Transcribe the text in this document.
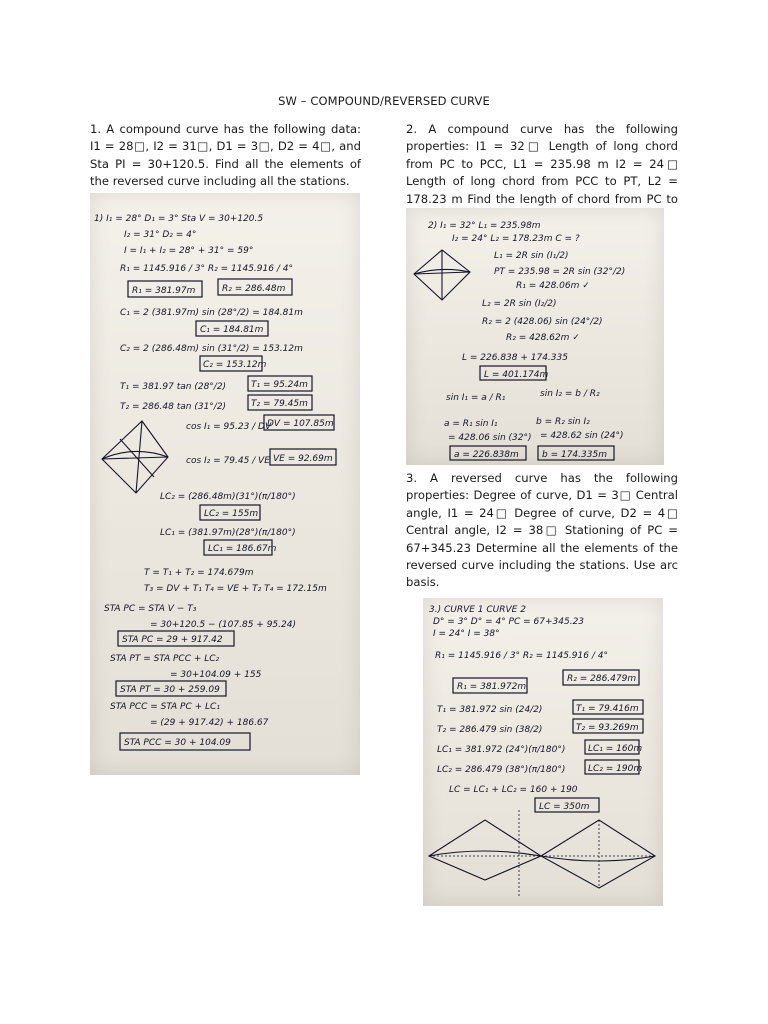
SW – COMPOUND/REVERSED CURVE

1. A compound curve has the following data: I1 = 28□, I2 = 31□, D1 = 3□, D2 = 4□, and Sta PI = 30+120.5. Find all the elements of the reversed curve including all the stations.

2. A compound curve has the following properties: I1 = 32□ Length of long chord from PC to PCC, L1 = 235.98 m I2 = 24□ Length of long chord from PCC to PT, L2 = 178.23 m Find the length of chord from PC to

3. A reversed curve has the following properties: Degree of curve, D1 = 3□ Central angle, I1 = 24□ Degree of curve, D2 = 4□ Central angle, I2 = 38□ Stationing of PC = 67+345.23 Determine all the elements of the reversed curve including the stations. Use arc basis.

1) I₁ = 28° D₁ = 3° Sta V = 30+120.5
I₂ = 31° D₂ = 4°
I = I₁ + I₂ = 28° + 31° = 59°
R₁ = 1145.916 / 3° R₂ = 1145.916 / 4°
R₁ = 381.97m	R₂ = 286.48m
C₁ = 2 (381.97m) sin (28°/2) = 184.81m
C₁ = 184.81m
C₂ = 2 (286.48m) sin (31°/2) = 153.12m
C₂ = 153.12m
T₁ = 381.97 tan (28°/2)	T₁ = 95.24m
T₂ = 286.48 tan (31°/2)	T₂ = 79.45m
cos I₁ = 95.23 / DV
DV = 107.85m
cos I₂ = 79.45 / VE VE = 92.69m
LC₂ = (286.48m)(31°)(π/180°)
LC₂ = 155m
LC₁ = (381.97m)(28°)(π/180°)
LC₁ = 186.67m
T = T₁ + T₂ = 174.679m
T₃ = DV + T₁ T₄ = VE + T₂ T₄ = 172.15m
STA PC = STA V − T₃
= 30+120.5 − (107.85 + 95.24)
STA PC = 29 + 917.42
STA PT = STA PCC + LC₂
= 30+104.09 + 155
STA PT = 30 + 259.09
STA PCC = STA PC + LC₁
= (29 + 917.42) + 186.67
STA PCC = 30 + 104.09
2) I₁ = 32° L₁ = 235.98m
I₂ = 24° L₂ = 178.23m C = ?
L₁ = 2R sin (I₁/2)
PT = 235.98 = 2R sin (32°/2)
R₁ = 428.06m ✓
L₂ = 2R sin (I₂/2)
R₂ = 2 (428.06) sin (24°/2)
R₂ = 428.62m ✓
L = 226.838 + 174.335
L = 401.174m
sin I₁ = a / R₁	sin I₂ = b / R₂
a = R₁ sin I₁	b = R₂ sin I₂
= 428.06 sin (32°) = 428.62 sin (24°)
a = 226.838m	b = 174.335m
3.) CURVE 1 CURVE 2
D° = 3° D° = 4° PC = 67+345.23
I = 24° I = 38°
R₁ = 1145.916 / 3° R₂ = 1145.916 / 4°
R₁ = 381.972m
R₂ = 286.479m
T₁ = 381.972 sin (24/2)	T₁ = 79.416m
T₂ = 286.479 sin (38/2)	T₂ = 93.269m
LC₁ = 381.972 (24°)(π/180°)	LC₁ = 160m
LC₂ = 286.479 (38°)(π/180°)	LC₂ = 190m
LC = LC₁ + LC₂ = 160 + 190
LC = 350m
